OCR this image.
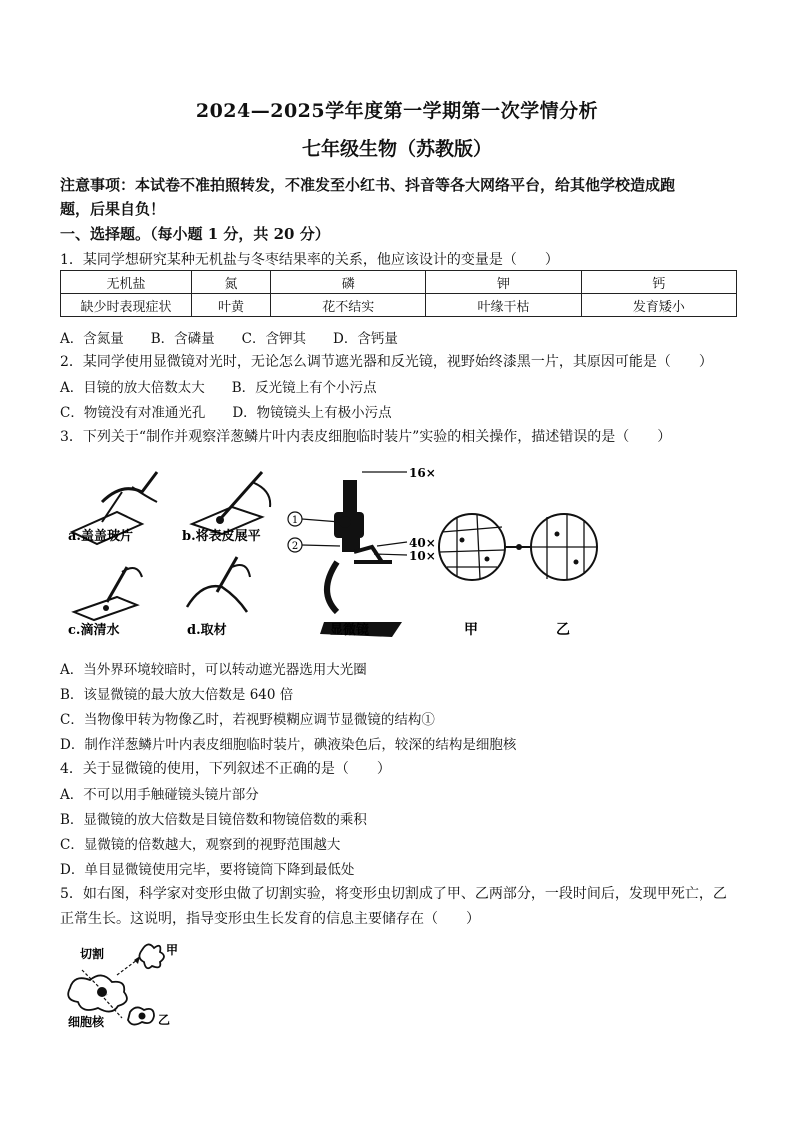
2024—2025学年度第一学期第一次学情分析
七年级生物（苏教版）
注意事项：本试卷不准拍照转发，不准发至小红书、抖音等各大网络平台，给其他学校造成跑
题，后果自负！
一、选择题。（每小题 1 分，共 20 分）
1．某同学想研究某种无机盐与冬枣结果率的关系，他应该设计的变量是（　　）
无机盐	氮	磷	钾	钙
缺少时表现症状	叶黄	花不结实	叶缘干枯	发育矮小
A．含氮量　　B．含磷量　　C．含钾其　　D．含钙量
2．某同学使用显微镜对光时，无论怎么调节遮光器和反光镜，视野始终漆黑一片，其原因可能是（　　）
A．目镜的放大倍数太大　　B．反光镜上有个小污点
C．物镜没有对准通光孔　　D．物镜镜头上有极小污点
3．下列关于“制作并观察洋葱鳞片叶内表皮细胞临时装片”实验的相关操作，描述错误的是（　　）
a.盖盖玻片	b.将表皮展平
c.滴清水	d.取材
1
2
16×
40×
10×
显微镜	甲	乙
A．当外界环境较暗时，可以转动遮光器选用大光圈
B．该显微镜的最大放大倍数是 640 倍
C．当物像甲转为物像乙时，若视野模糊应调节显微镜的结构①
D．制作洋葱鳞片叶内表皮细胞临时装片，碘液染色后，较深的结构是细胞核
4．关于显微镜的使用，下列叙述不正确的是（　　）
A．不可以用手触碰镜头镜片部分
B．显微镜的放大倍数是目镜倍数和物镜倍数的乘积
C．显微镜的倍数越大，观察到的视野范围越大
D．单目显微镜使用完毕，要将镜筒下降到最低处
5．如右图，科学家对变形虫做了切割实验，将变形虫切割成了甲、乙两部分，一段时间后，发现甲死亡，乙
正常生长。这说明，指导变形虫生长发育的信息主要储存在（　　）
切割	甲
细胞核	乙
